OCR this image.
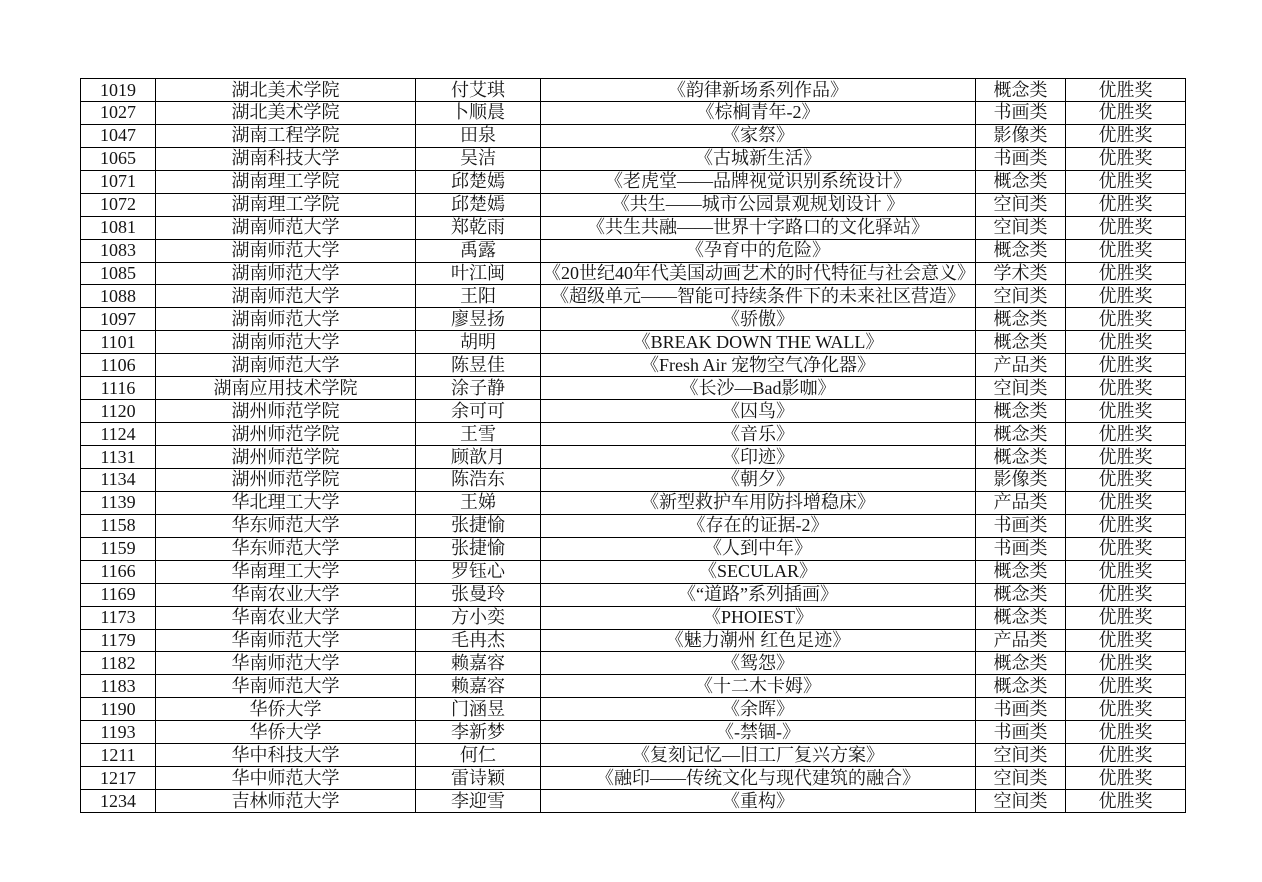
1019	湖北美术学院	付艾琪	《韵律新场系列作品》	概念类	优胜奖
1027	湖北美术学院	卜顺晨	《棕榈青年-2》	书画类	优胜奖
1047	湖南工程学院	田泉	《家祭》	影像类	优胜奖
1065	湖南科技大学	吴洁	《古城新生活》	书画类	优胜奖
1071	湖南理工学院	邱楚嫣	《老虎堂——品牌视觉识别系统设计》	概念类	优胜奖
1072	湖南理工学院	邱楚嫣	《共生——城市公园景观规划设计 》	空间类	优胜奖
1081	湖南师范大学	郑乾雨	《共生共融——世界十字路口的文化驿站》	空间类	优胜奖
1083	湖南师范大学	禹露	《孕育中的危险》	概念类	优胜奖
1085	湖南师范大学	叶江闽	《20世纪40年代美国动画艺术的时代特征与社会意义》	学术类	优胜奖
1088	湖南师范大学	王阳	《超级单元——智能可持续条件下的未来社区营造》	空间类	优胜奖
1097	湖南师范大学	廖昱扬	《骄傲》	概念类	优胜奖
1101	湖南师范大学	胡明	《BREAK DOWN THE WALL》	概念类	优胜奖
1106	湖南师范大学	陈昱佳	《Fresh Air 宠物空气净化器》	产品类	优胜奖
1116	湖南应用技术学院	涂子静	《长沙—Bad影咖》	空间类	优胜奖
1120	湖州师范学院	余可可	《囚鸟》	概念类	优胜奖
1124	湖州师范学院	王雪	《音乐》	概念类	优胜奖
1131	湖州师范学院	顾歆月	《印迹》	概念类	优胜奖
1134	湖州师范学院	陈浩东	《朝夕》	影像类	优胜奖
1139	华北理工大学	王娣	《新型救护车用防抖增稳床》	产品类	优胜奖
1158	华东师范大学	张捷愉	《存在的证据-2》	书画类	优胜奖
1159	华东师范大学	张捷愉	《人到中年》	书画类	优胜奖
1166	华南理工大学	罗钰心	《SECULAR》	概念类	优胜奖
1169	华南农业大学	张曼玲	《“道路”系列插画》	概念类	优胜奖
1173	华南农业大学	方小奕	《PHOIEST》	概念类	优胜奖
1179	华南师范大学	毛冉杰	《魅力潮州 红色足迹》	产品类	优胜奖
1182	华南师范大学	赖嘉容	《鸳怨》	概念类	优胜奖
1183	华南师范大学	赖嘉容	《十二木卡姆》	概念类	优胜奖
1190	华侨大学	门涵昱	《余晖》	书画类	优胜奖
1193	华侨大学	李新梦	《-禁锢-》	书画类	优胜奖
1211	华中科技大学	何仁	《复刻记忆—旧工厂复兴方案》	空间类	优胜奖
1217	华中师范大学	雷诗颖	《融印——传统文化与现代建筑的融合》	空间类	优胜奖
1234	吉林师范大学	李迎雪	《重构》	空间类	优胜奖
